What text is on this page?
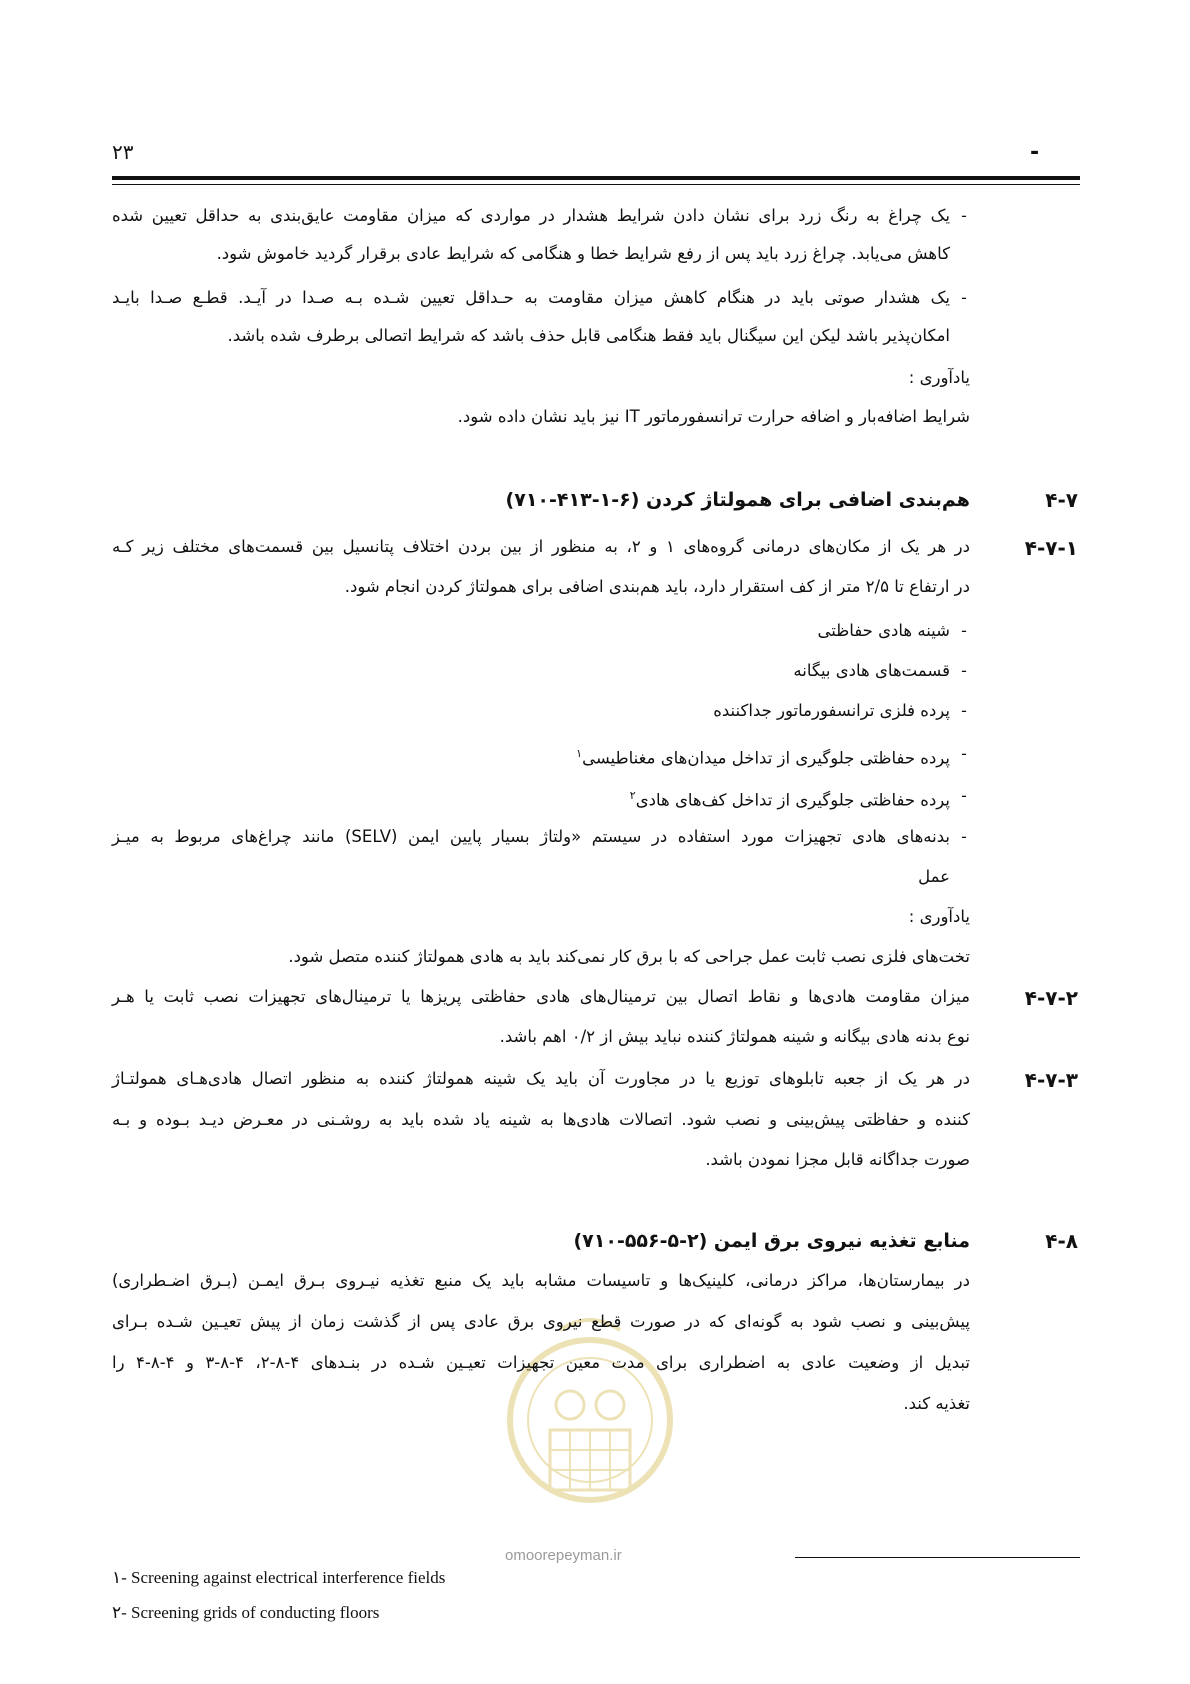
۲۳	-
-
یک چراغ به رنگ زرد برای نشان دادن شرایط هشدار در مواردی که میزان مقاومت عایق‌بندی به حداقل تعیین شده
کاهش می‌یابد. چراغ زرد باید پس از رفع شرایط خطا و هنگامی که شرایط عادی برقرار گردید خاموش شود.
-
یک هشدار صوتی باید در هنگام کاهش میزان مقاومت به حـداقل تعیین شـده بـه صـدا در آیـد. قطـع صـدا بایـد
امکان‌پذیر باشد لیکن این سیگنال باید فقط هنگامی قابل حذف باشد که شرایط اتصالی برطرف شده باشد.
یادآوری :
شرایط اضافه‌بار و اضافه حرارت ترانسفورماتور IT نیز باید نشان داده شود.
۴-۷
هم‌بندی اضافی برای همولتاژ کردن (۶-۱-۴۱۳-۷۱۰)
۴-۷-۱
در هر یک از مکان‌های درمانی گروه‌های ۱ و ۲، به منظور از بین بردن اختلاف پتانسیل بین قسمت‌های مختلف زیر کـه
در ارتفاع تا ۲/۵ متر از کف استقرار دارد، باید هم‌بندی اضافی برای همولتاژ کردن انجام شود.
-
شینه هادی حفاظتی
-
قسمت‌های هادی بیگانه
-
پرده فلزی ترانسفورماتور جداکننده
-
پرده حفاظتی جلوگیری از تداخل میدان‌های مغناطیسی$^۱$
-
پرده حفاظتی جلوگیری از تداخل کف‌های هادی$^۲$
-
بدنه‌های هادی تجهیزات مورد استفاده در سیستم «ولتاژ بسیار پایین ایمن (SELV) مانند چراغ‌های مربوط به میـز
عمل
یادآوری :
تخت‌های فلزی نصب ثابت عمل جراحی که با برق کار نمی‌کند باید به هادی همولتاژ کننده متصل شود.
۴-۷-۲
میزان مقاومت هادی‌ها و نقاط اتصال بین ترمینال‌های هادی حفاظتی پریزها یا ترمینال‌های تجهیزات نصب ثابت یا هـر
نوع بدنه هادی بیگانه و شینه همولتاژ کننده نباید بیش از ۰/۲ اهم باشد.
۴-۷-۳
در هر یک از جعبه تابلوهای توزیع یا در مجاورت آن باید یک شینه همولتاژ کننده به منظور اتصال هادی‌هـای همولتـاژ
کننده و حفاظتی پیش‌بینی و نصب شود. اتصالات هادی‌ها به شینه یاد شده باید به روشـنی در معـرض دیـد بـوده و بـه
صورت جداگانه قابل مجزا نمودن باشد.
۴-۸
منابع تغذیه نیروی برق ایمن (۲-۵-۵۵۶-۷۱۰)
در بیمارستان‌ها، مراکز درمانی، کلینیک‌ها و تاسیسات مشابه باید یک منبع تغذیه نیـروی بـرق ایمـن (بـرق اضـطراری)
پیش‌بینی و نصب شود به گونه‌ای که در صورت قطع نیروی برق عادی پس از گذشت زمان از پیش تعیـین شـده بـرای
تبدیل از وضعیت عادی به اضطراری برای مدت معین تجهیزات تعیـین شـده در بنـدهای ۴-۸-۲، ۴-۸-۳ و ۴-۸-۴ را
تغذیه کند.
omoorepeyman.ir
۱- Screening against electrical interference fields
۲- Screening grids of conducting floors
